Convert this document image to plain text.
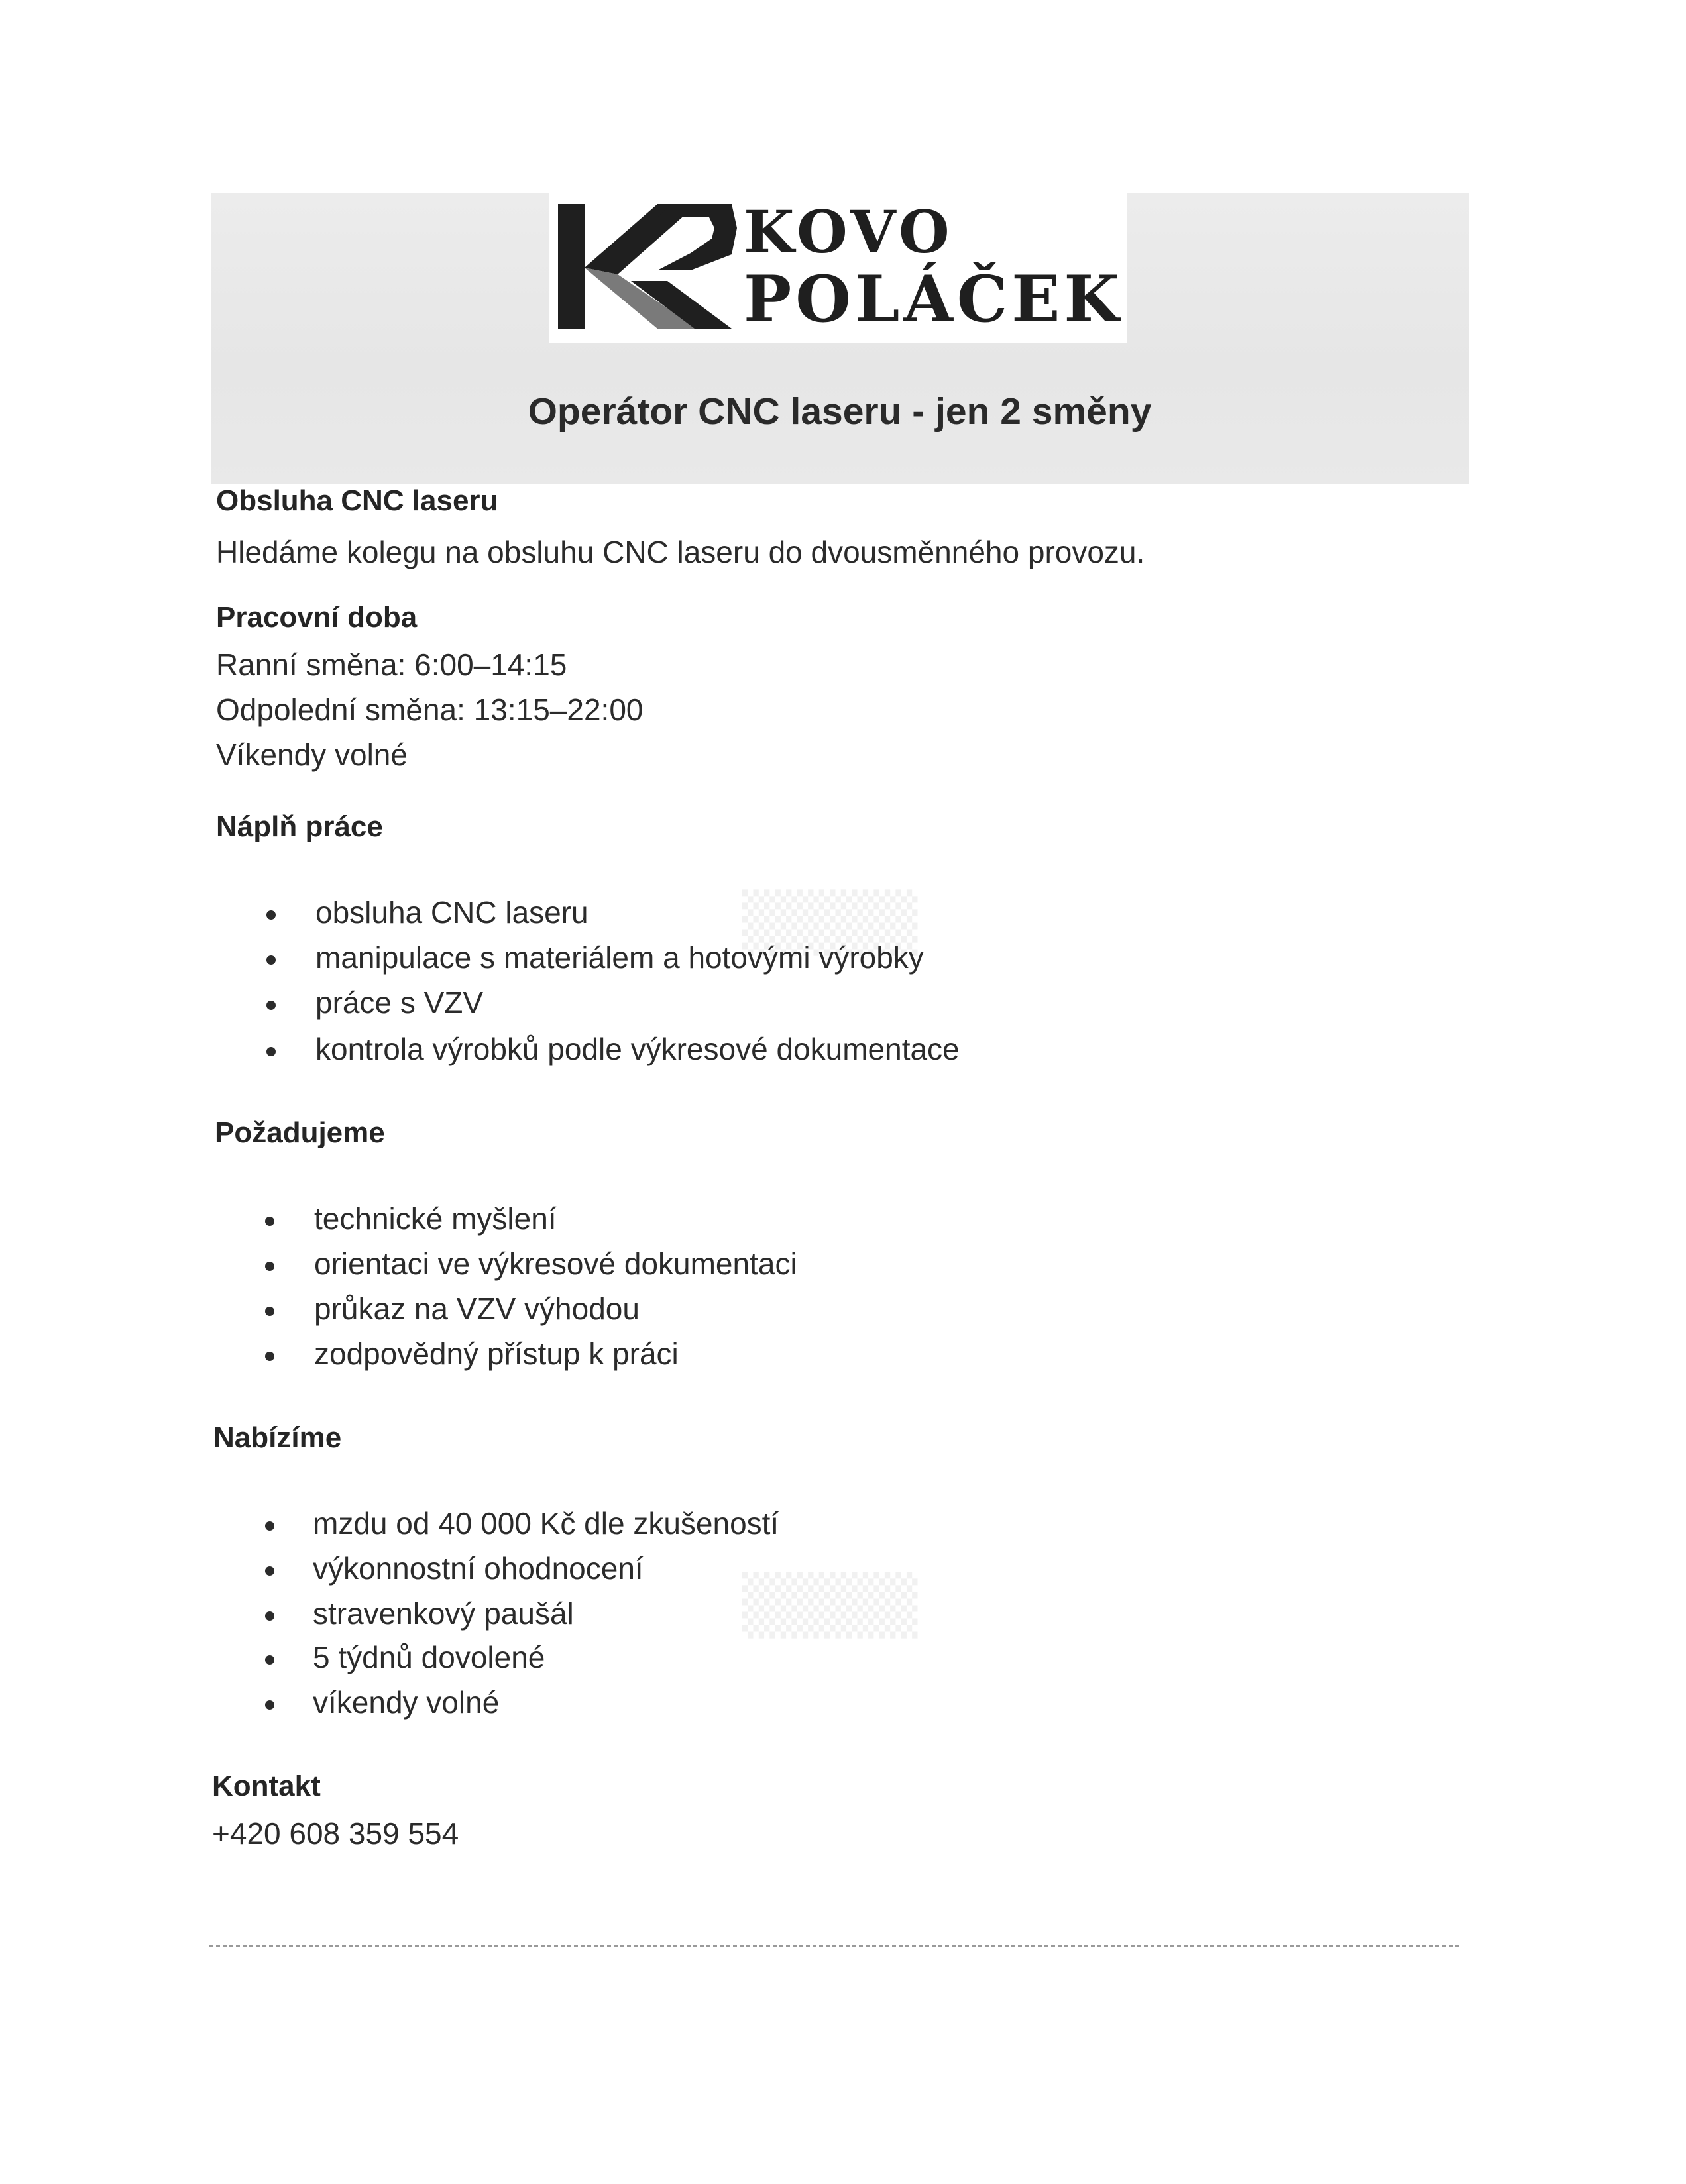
▒▒▒▒
▒▒▒▒
KOVO
POLÁČEK
Operátor CNC laseru - jen 2 směny
Obsluha CNC laseru
Hledáme kolegu na obsluhu CNC laseru do dvousměnného provozu.
Pracovní doba
Ranní směna: 6:00–14:15
Odpolední směna: 13:15–22:00
Víkendy volné
Náplň práce
obsluha CNC laseru
manipulace s materiálem a hotovými výrobky
práce s VZV
kontrola výrobků podle výkresové dokumentace
Požadujeme
technické myšlení
orientaci ve výkresové dokumentaci
průkaz na VZV výhodou
zodpovědný přístup k práci
Nabízíme
mzdu od 40 000 Kč dle zkušeností
výkonnostní ohodnocení
stravenkový paušál
5 týdnů dovolené
víkendy volné
Kontakt
+420 608 359 554
